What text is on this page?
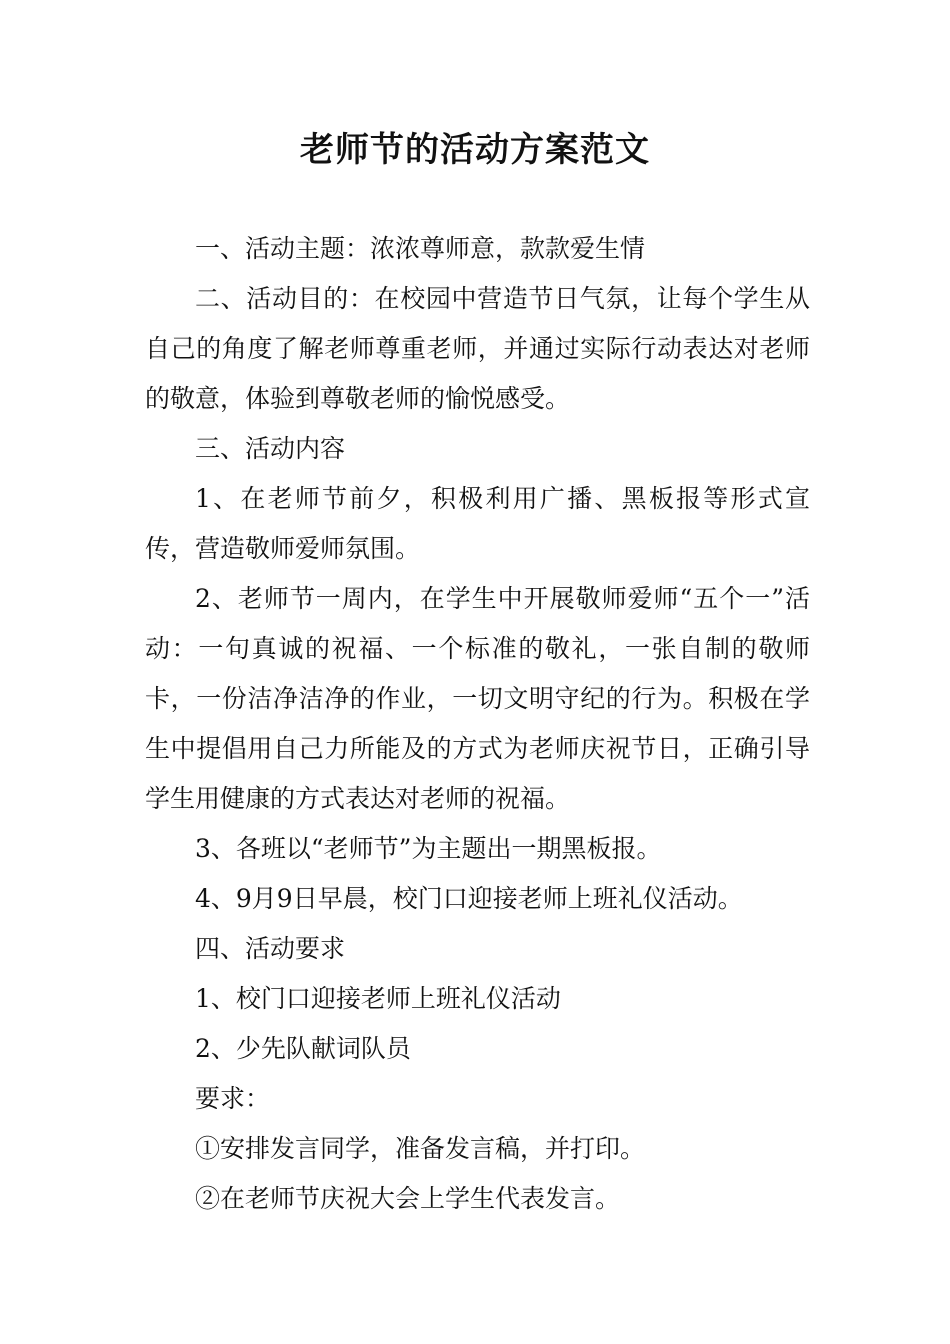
老师节的活动方案范文

一、活动主题：浓浓尊师意，款款爱生情

二、活动目的：在校园中营造节日气氛，让每个学生从自己的角度了解老师尊重老师，并通过实际行动表达对老师的敬意，体验到尊敬老师的愉悦感受。

三、活动内容

1、在老师节前夕，积极利用广播、黑板报等形式宣传，营造敬师爱师氛围。

2、老师节一周内，在学生中开展敬师爱师“五个一”活动：一句真诚的祝福、一个标准的敬礼，一张自制的敬师卡，一份洁净洁净的作业，一切文明守纪的行为。积极在学生中提倡用自己力所能及的方式为老师庆祝节日，正确引导学生用健康的方式表达对老师的祝福。

3、各班以“老师节”为主题出一期黑板报。

4、9月9日早晨，校门口迎接老师上班礼仪活动。

四、活动要求

1、校门口迎接老师上班礼仪活动

2、少先队献词队员

要求：

①安排发言同学，准备发言稿，并打印。

②在老师节庆祝大会上学生代表发言。
